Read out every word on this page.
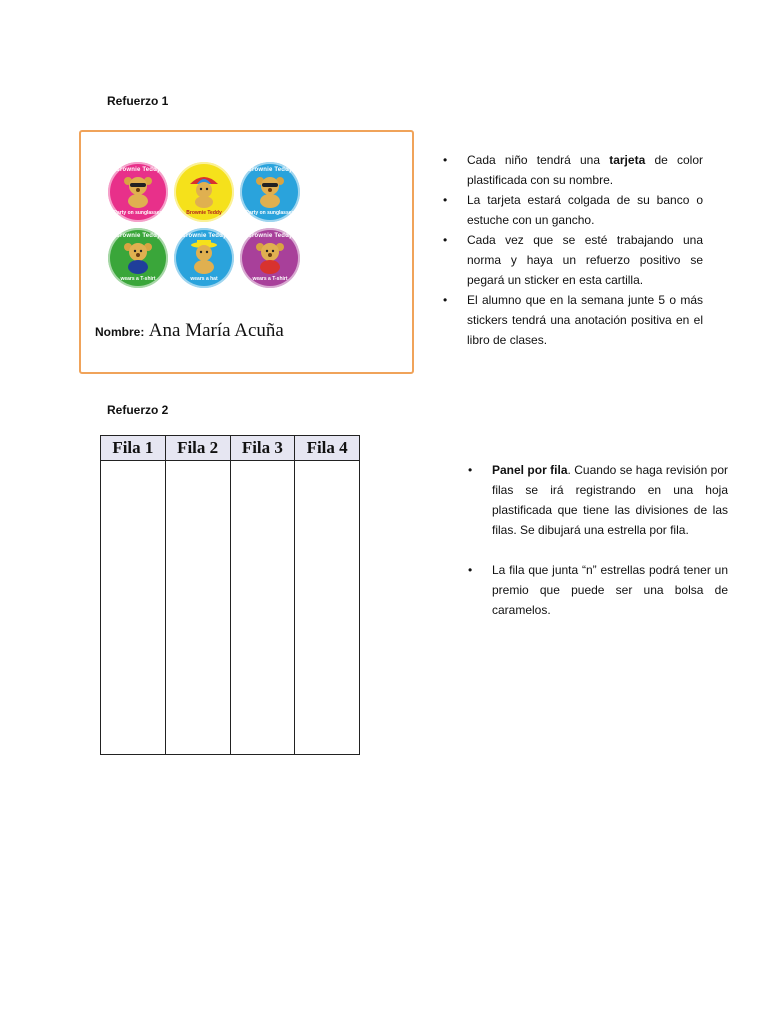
Refuerzo 1
Brownie Teddy
Party on sunglasses	Brownie Teddy
Brownie Teddy
Party on sunglasses
Brownie Teddy
wears a T-shirt
Brownie Teddy
wears a hat
Brownie Teddy
wears a T-shirt
Nombre: Ana María Acuña
• Cada niño tendrá una tarjeta de color plastificada con su nombre.
• La tarjeta estará colgada de su banco o estuche con un gancho.
• Cada vez que se esté trabajando una norma y haya un refuerzo positivo se pegará un sticker en esta cartilla.
• El alumno que en la semana junte 5 o más stickers tendrá una anotación positiva en el libro de clases.
Refuerzo 2
Fila 1	Fila 2	Fila 3	Fila 4

• Panel por fila. Cuando se haga revisión por filas se irá registrando en una hoja plastificada que tiene las divisiones de las filas. Se dibujará una estrella por fila.
• La fila que junta “n” estrellas podrá tener un premio que puede ser una bolsa de caramelos.
